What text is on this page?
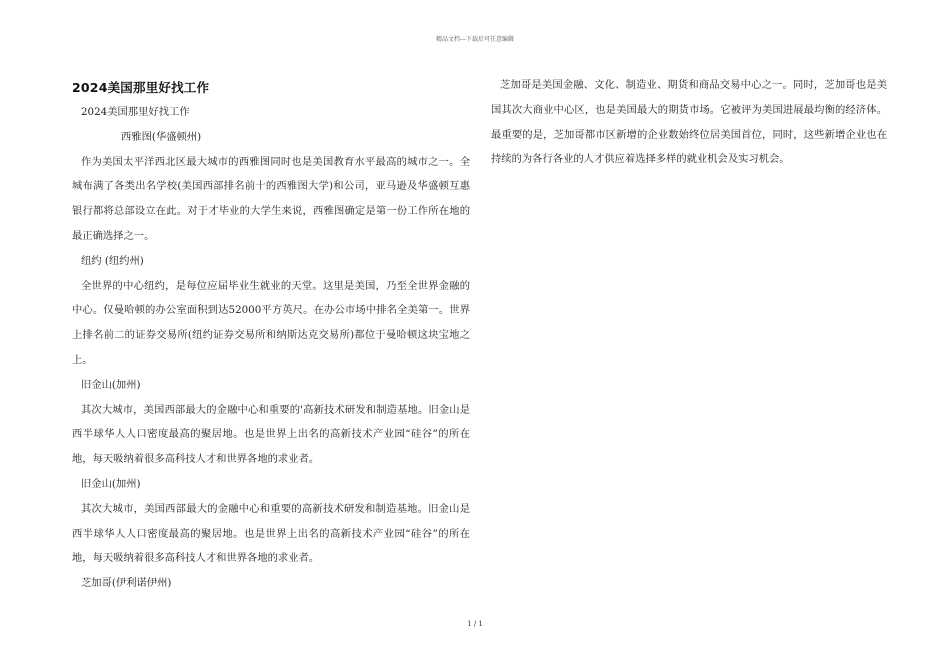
精品文档---下载后可任意编辑
2024美国那里好找工作

2024美国那里好找工作

西雅图(华盛顿州)

作为美国太平洋西北区最大城市的西雅图同时也是美国教育水平最高的城市之一。全城布满了各类出名学校(美国西部排名前十的西雅图大学)和公司，亚马逊及华盛顿互惠银行都将总部设立在此。对于才毕业的大学生来说，西雅图确定是第一份工作所在地的最正确选择之一。

纽约 (纽约州)

全世界的中心纽约，是每位应届毕业生就业的天堂。这里是美国，乃至全世界金融的中心。仅曼哈顿的办公室面积到达52000平方英尺。在办公市场中排名全美第一。世界上排名前二的证券交易所(纽约证券交易所和纳斯达克交易所)都位于曼哈顿这块宝地之上。

旧金山(加州)

其次大城市，美国西部最大的金融中心和重要的'高新技术研发和制造基地。旧金山是西半球华人人口密度最高的聚居地。也是世界上出名的高新技术产业园“硅谷”的所在地，每天吸纳着很多高科技人才和世界各地的求业者。

旧金山(加州)

其次大城市，美国西部最大的金融中心和重要的高新技术研发和制造基地。旧金山是西半球华人人口密度最高的聚居地。也是世界上出名的高新技术产业园“硅谷”的所在地，每天吸纳着很多高科技人才和世界各地的求业者。

芝加哥(伊利诺伊州)

芝加哥是美国金融、文化、制造业、期货和商品交易中心之一。同时，芝加哥也是美国其次大商业中心区，也是美国最大的期货市场。它被评为美国进展最均衡的经济体。最重要的是，芝加哥都市区新增的企业数始终位居美国首位，同时，这些新增企业也在持续的为各行各业的人才供应着选择多样的就业机会及实习机会。

1 / 1
